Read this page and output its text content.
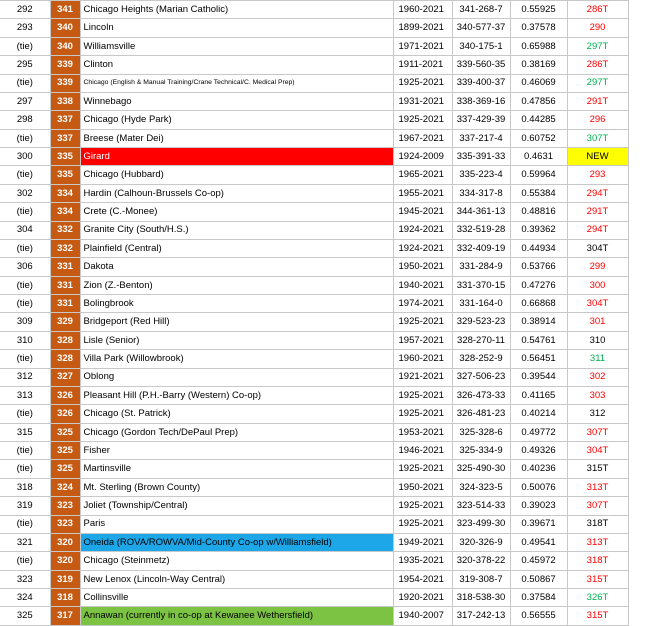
292	341	Chicago Heights (Marian Catholic)	1960-2021	341-268-7	0.55925	286T	
293	340	Lincoln	1899-2021	340-577-37	0.37578	290	
(tie)	340	Williamsville	1971-2021	340-175-1	0.65988	297T	
295	339	Clinton	1911-2021	339-560-35	0.38169	286T	
(tie)	339	Chicago (English & Manual Training/Crane Technical/C. Medical Prep)	1925-2021	339-400-37	0.46069	297T	
297	338	Winnebago	1931-2021	338-369-16	0.47856	291T	
298	337	Chicago (Hyde Park)	1925-2021	337-429-39	0.44285	296	
(tie)	337	Breese (Mater Dei)	1967-2021	337-217-4	0.60752	307T	
300	335	Girard	1924-2009	335-391-33	0.4631	NEW	
(tie)	335	Chicago (Hubbard)	1965-2021	335-223-4	0.59964	293	
302	334	Hardin (Calhoun-Brussels Co-op)	1955-2021	334-317-8	0.55384	294T	
(tie)	334	Crete (C.-Monee)	1945-2021	344-361-13	0.48816	291T	
304	332	Granite City (South/H.S.)	1924-2021	332-519-28	0.39362	294T	
(tie)	332	Plainfield (Central)	1924-2021	332-409-19	0.44934	304T	
306	331	Dakota	1950-2021	331-284-9	0.53766	299	
(tie)	331	Zion (Z.-Benton)	1940-2021	331-370-15	0.47276	300	
(tie)	331	Bolingbrook	1974-2021	331-164-0	0.66868	304T	
309	329	Bridgeport (Red Hill)	1925-2021	329-523-23	0.38914	301	
310	328	Lisle (Senior)	1957-2021	328-270-11	0.54761	310	
(tie)	328	Villa Park (Willowbrook)	1960-2021	328-252-9	0.56451	311	
312	327	Oblong	1921-2021	327-506-23	0.39544	302	
313	326	Pleasant Hill (P.H.-Barry (Western) Co-op)	1925-2021	326-473-33	0.41165	303	
(tie)	326	Chicago (St. Patrick)	1925-2021	326-481-23	0.40214	312	
315	325	Chicago (Gordon Tech/DePaul Prep)	1953-2021	325-328-6	0.49772	307T	
(tie)	325	Fisher	1946-2021	325-334-9	0.49326	304T	
(tie)	325	Martinsville	1925-2021	325-490-30	0.40236	315T	
318	324	Mt. Sterling (Brown County)	1950-2021	324-323-5	0.50076	313T	
319	323	Joliet (Township/Central)	1925-2021	323-514-33	0.39023	307T	
(tie)	323	Paris	1925-2021	323-499-30	0.39671	318T	
321	320	Oneida (ROVA/ROWVA/Mid-County Co-op w/Williamsfield)	1949-2021	320-326-9	0.49541	313T	
(tie)	320	Chicago (Steinmetz)	1935-2021	320-378-22	0.45972	318T	
323	319	New Lenox (Lincoln-Way Central)	1954-2021	319-308-7	0.50867	315T	
324	318	Collinsville	1920-2021	318-538-30	0.37584	326T	
325	317	Annawan (currently in co-op at Kewanee Wethersfield)	1940-2007	317-242-13	0.56555	315T	
